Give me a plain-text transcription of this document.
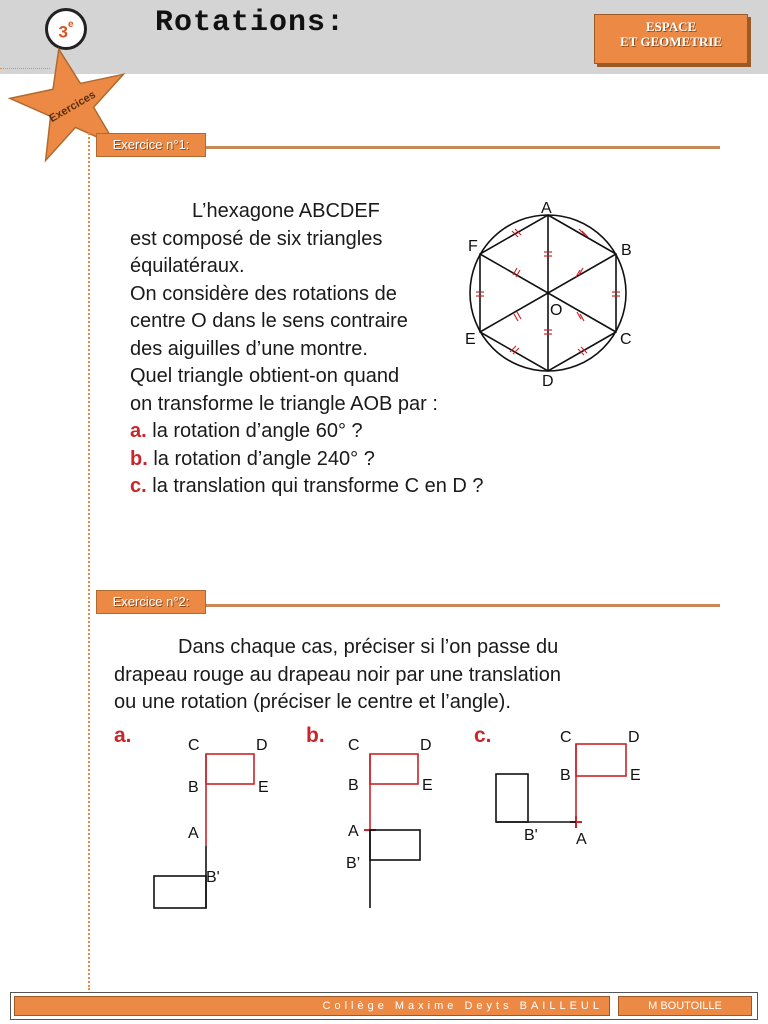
3e	Rotations:	ESPACE
ET GEOMETRIE
Exercices
Exercice n°1:
L’hexagone ABCDEF
est composé de six triangles
équilatéraux.
On considère des rotations de
centre O dans le sens contraire
des aiguilles d’une montre.
Quel triangle obtient-on quand
on transforme le triangle AOB par :
a. la rotation d’angle 60° ?
b. la rotation d’angle 240° ?
c. la translation qui transforme C en D ?
A
B
C
D
E
F
O
Exercice n°2:
Dans chaque cas, préciser si l’on passe du
drapeau rouge au drapeau noir par une translation
ou une rotation (préciser le centre et l’angle).
a.	b.	c.
C	D
B	E
A
B'
C	D
B	E
A
B’
C	D
B	E
B' A
Collège Maxime Deyts BAILLEUL	M BOUTOILLE
